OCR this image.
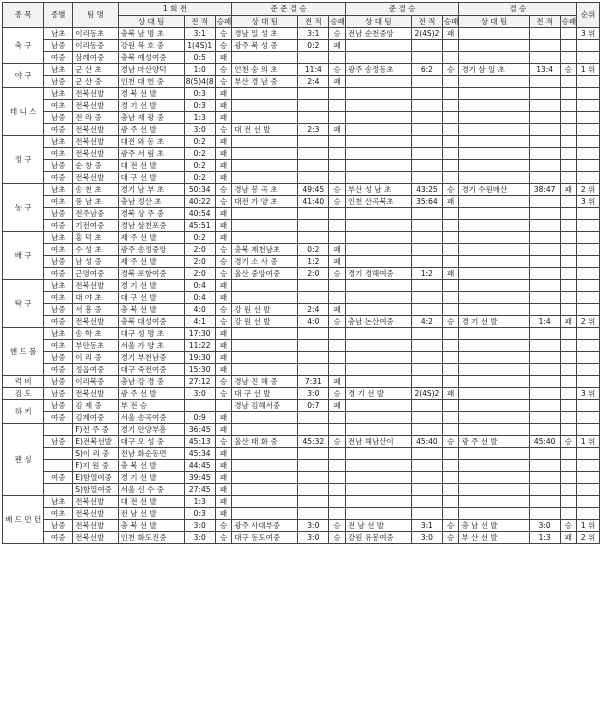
종 목	종별	팀 명	1 회 전			준 준 결 승			준 결 승			결 승			순위
			상 대 팀	전 적	승패	상 대 팀	전 적	승패	상 대 팀	전 적	승패	상 대 팀	전 적	승패	
축 구	남초	이리동초	충북 남 명 초	3:1	승	경남 밀 성 초	3:1	승	전남 순천중앙	2(4S)2	패				3 위
	남중	이리동중	강원 묵 호 중	1(4S)1	승	광주 북 성 중	0:2	패							
	여중	삼례여중	충북 예성여중	0:5	패										
야 구	남초	군 산 초	경남 마산양덕	1:0	승	인천 숭 의 초	11:4	승	광주 송정동초	6:2	승	경기 삼 일 초	13:4	승	1 위
	남중	군 산 중	인천 대 헌 중	8(5)4(8	승	부산 경 남 중	2:4	패							
테 니 스	남초	전북선발	경 북 선 발	0:3	패										
	여초	전북선발	경 기 선 발	0:3	패										
	남중	전 라 중	충남 재 광 중	1:3	패										
	여중	전북선발	광 주 선 발	3:0	승	대 전 선 발	2:3	패							
정 구	남초	전북선발	대전 와 동 초	0:2	패										
	여초	전북선발	광주 서 림 초	0:2	패										
	남중	순 창 중	대 전 선 발	0:2	패										
	여중	전북선발	대 구 선 발	0:2	패										
농 구	남초	송 천 초	경기 남 부 초	50:34	승	경남 봉 곡 초	49:45	승	부산 성 남 초	43:25	승	경기 수원매산	38:47	패	2 위
	여초	풍 남 초	충남 정산 초	40:22	승	대전 가 양 초	41:40	승	인천 산곡북초	35:64	패				3 위
	남중	전주남중	경북 상 주 중	40:54	패										
	여중	기전여중	경남 삼천포중	45:51	패										
배 구	남초	홍 덕 초	제 주 선 발	0:2	패										
	여초	수 성 초	광주 송정중앙	2:0	승	충북 제천남초	0:2	패							
	남중	남 성 중	제 주 선 발	2:0	승	경기 소 사 중	1:2	패							
	여중	근영여중	경북 포항여중	2:0	승	울산 중앙여중	2:0	승	경기 경해여중	1:2	패				
탁 구	남초	전북선발	경 기 선 발	0:4	패										
	여초	대 야 초	대 구 선 발	0:4	패										
	남중	서 흥 중	충 북 선 발	4:0	승	강 원 선 발	2:4	패							
	여중	전북선발	충북 대성여중	4:1	승	강 원 선 발	4:0	승	충남 논산여중	4:2	승	경 기 선 발	1:4	패	2 위
핸 드 볼	남초	송 학 초	대구 성 명 초	17:30	패										
	여초	부안동초	서울 가 양 초	11:22	패										
	남중	이 리 중	경기 부천남중	19:30	패										
	여중	정읍여중	대구 죽전여중	15:30	패										
럭 비	남중	이리북중	충남 강 경 중	27:12	승	경남 진 해 중	7:31	패							
검 도	남중	전북선발	광 주 선 발	3:0	승	대 구 선 발	3:0	승	경 기 선 발	2(4S)2	패				3 위
하 키	남중	김 제 중	부 전 승			경남 김해서중	0:7	패							
	여중	김제여중	서울 송곡여중	0:9	패										
펜 싱		F)전 주 중	경기 안양부흥	36:45	패										
	남중	E)전북선발	대구 오 성 중	45:13	승	울산 태 화 중	45:32	승	전남 해남산이	45:40	승	광 주 선 발	45:40	승	1 위
		S)이 리 중	전남 화순동면	45:34	패										
		F)지 원 중	충 북 선 발	44:45	패										
	여중	E)함열여중	경 기 선 발	39:45	패										
		S)함열여중	서울 신 수 중	27:45	패										
배 드 민 턴	남초	전북선발	대 전 선 발	1:3	패										
	여초	전북선발	전 남 선 발	0:3	패										
	남중	전북선발	충 북 선 발	3:0	승	광주 사대부중	3:0	승	전 남 선 발	3:1	승	충 남 선 발	3:0	승	1 위
	여중	전북선발	인천 화도진중	3:0	승	대구 동도여중	3:0	승	강원 유봉여중	3:0	승	부 산 선 발	1:3	패	2 위
